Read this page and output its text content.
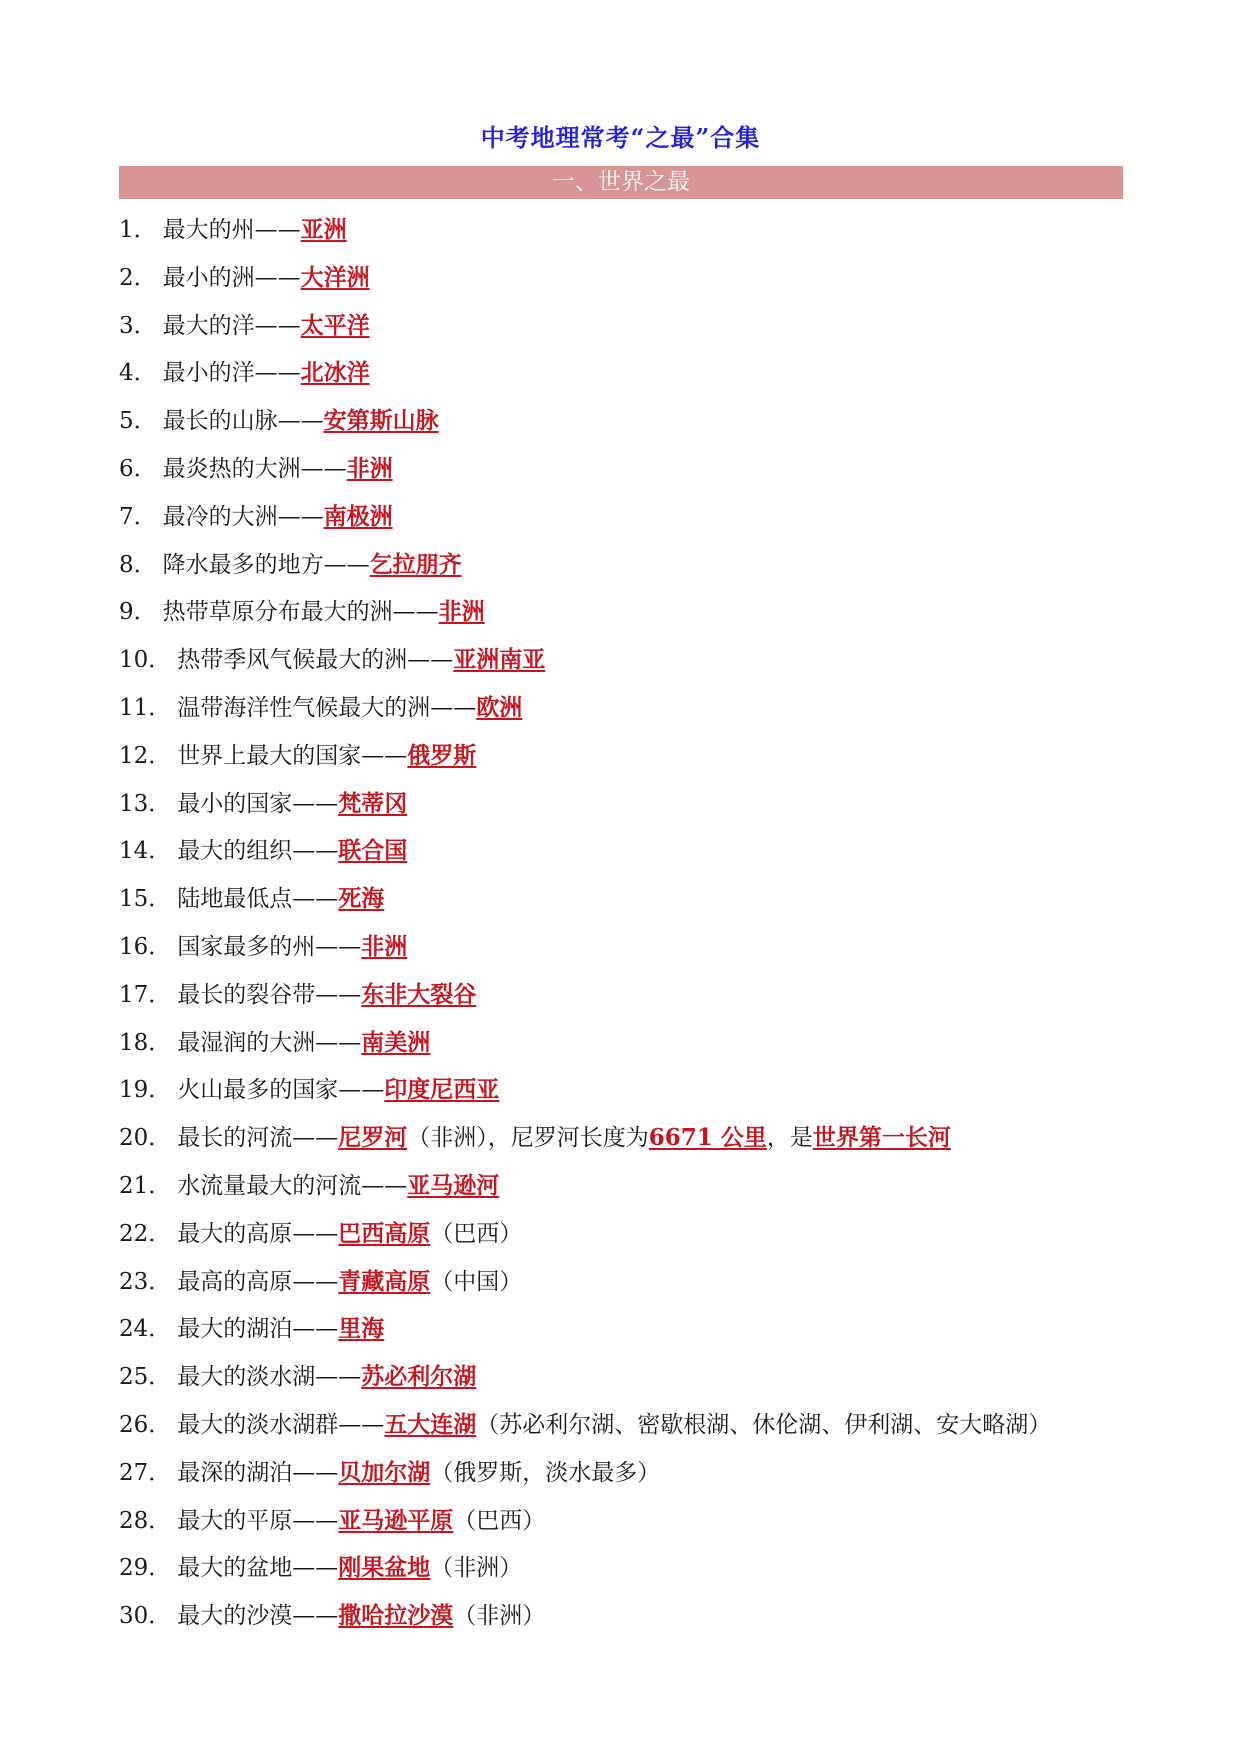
中考地理常考“之最”合集
一、世界之最
1． 最大的州——亚洲
2． 最小的洲——大洋洲
3． 最大的洋——太平洋
4． 最小的洋——北冰洋
5． 最长的山脉——安第斯山脉
6． 最炎热的大洲——非洲
7． 最冷的大洲——南极洲
8． 降水最多的地方——乞拉朋齐
9． 热带草原分布最大的洲——非洲
10． 热带季风气候最大的洲——亚洲南亚
11． 温带海洋性气候最大的洲——欧洲
12． 世界上最大的国家——俄罗斯
13． 最小的国家——梵蒂冈
14． 最大的组织——联合国
15． 陆地最低点——死海
16． 国家最多的州——非洲
17． 最长的裂谷带——东非大裂谷
18． 最湿润的大洲——南美洲
19． 火山最多的国家——印度尼西亚
20． 最长的河流——尼罗河（非洲），尼罗河长度为6671 公里，是世界第一长河
21． 水流量最大的河流——亚马逊河
22． 最大的高原——巴西高原（巴西）
23． 最高的高原——青藏高原（中国）
24． 最大的湖泊——里海
25． 最大的淡水湖——苏必利尔湖
26． 最大的淡水湖群——五大连湖（苏必利尔湖、密歇根湖、休伦湖、伊利湖、安大略湖）
27． 最深的湖泊——贝加尔湖（俄罗斯，淡水最多）
28． 最大的平原——亚马逊平原（巴西）
29． 最大的盆地——刚果盆地（非洲）
30． 最大的沙漠——撒哈拉沙漠（非洲）
